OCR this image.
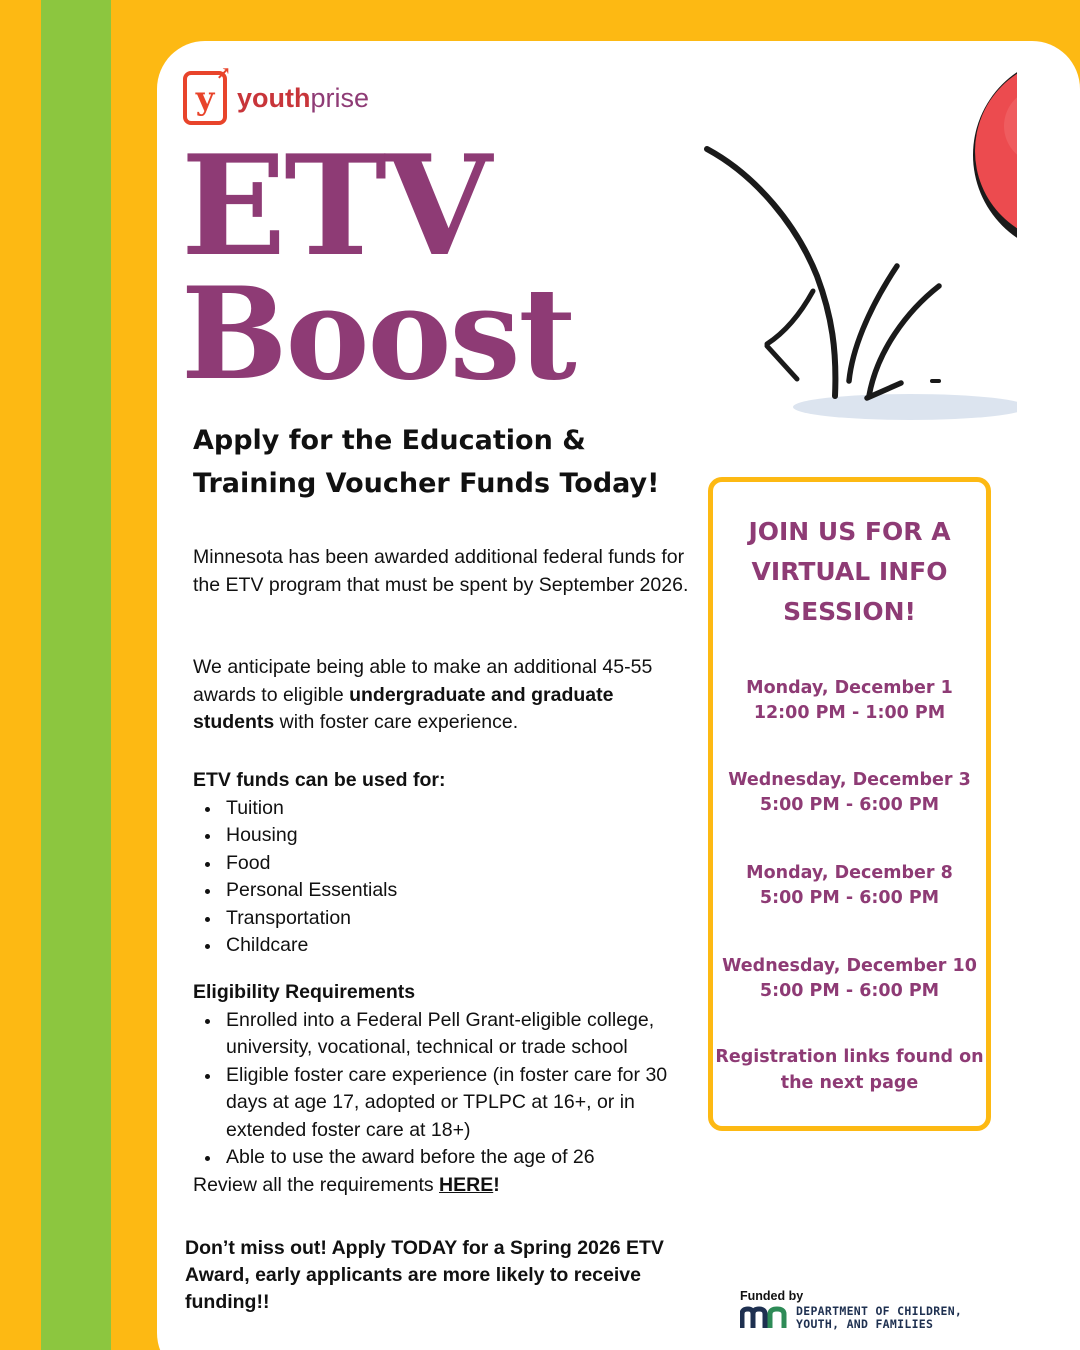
y
↗
youthprise
ETV
Boost
Apply for the Education & Training Voucher Funds Today!

Minnesota has been awarded additional federal funds for the ETV program that must be spent by September 2026.

We anticipate being able to make an additional 45-55 awards to eligible undergraduate and graduate students with foster care experience.

ETV funds can be used for:
Tuition
Housing
Food
Personal Essentials
Transportation
Childcare
Eligibility Requirements
Enrolled into a Federal Pell Grant-eligible college, university, vocational, technical or trade school
Eligible foster care experience (in foster care for 30 days at age 17, adopted or TPLPC at 16+, or in extended foster care at 18+)
Able to use the award before the age of 26
Review all the requirements HERE!
Don’t miss out! Apply TODAY for a Spring 2026 ETV Award, early applicants are more likely to receive funding!!
JOIN US FOR A VIRTUAL INFO SESSION!
Monday, December 1
12:00 PM - 1:00 PM
Wednesday, December 3
5:00 PM - 6:00 PM
Monday, December 8
5:00 PM - 6:00 PM
Wednesday, December 10
5:00 PM - 6:00 PM
Registration links found on the next page
Funded by
DEPARTMENT OF CHILDREN,
YOUTH, AND FAMILIES
